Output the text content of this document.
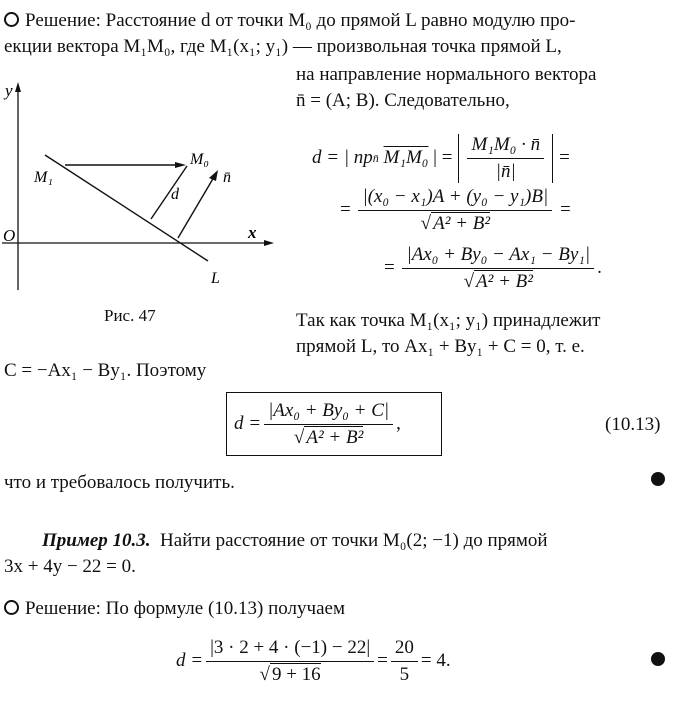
Решение: Расстояние d от точки M₀ до прямой L равно модулю про-
екции вектора M₁M₀, где M₁(x₁; y₁) — произвольная точка прямой L,
на направление нормального вектора
n̄ = (A; B). Следовательно,
y
x
O
M₁
M₀
d
n̄
L
Рис. 47
d = | пр n̄
M₁M₀
| = $\frac{\text{M₁M₀ · n̄}}{|n̄|}$ =
= $\frac{\text{|(x₀ − x₁)A + (y₀ − y₁)B|}}{\text{√ A² + B²}}$ =
= $\frac{\text{|Ax₀ + By₀ − Ax₁ − By₁|}}{\text{√ A² + B²}}$ .
Так как точка M₁(x₁; y₁) принадлежит
прямой L, то Ax₁ + By₁ + C = 0, т. е.
C = −Ax₁ − By₁. Поэтому
$d = \frac{\text{|Ax₀ + By₀ + C|}}{\text{√ A² + B²}}$ ,	(10.13)
что и требовалось получить.
Пример 10.3. Найти расстояние от точки M₀(2; −1) до прямой
3x + 4y − 22 = 0.
Решение: По формуле (10.13) получаем
$d = \frac{|3 \cdot 2 + 4 \cdot (-1) - 22|}{√ 9 + 16} = \frac{20}{5} = 4$.
